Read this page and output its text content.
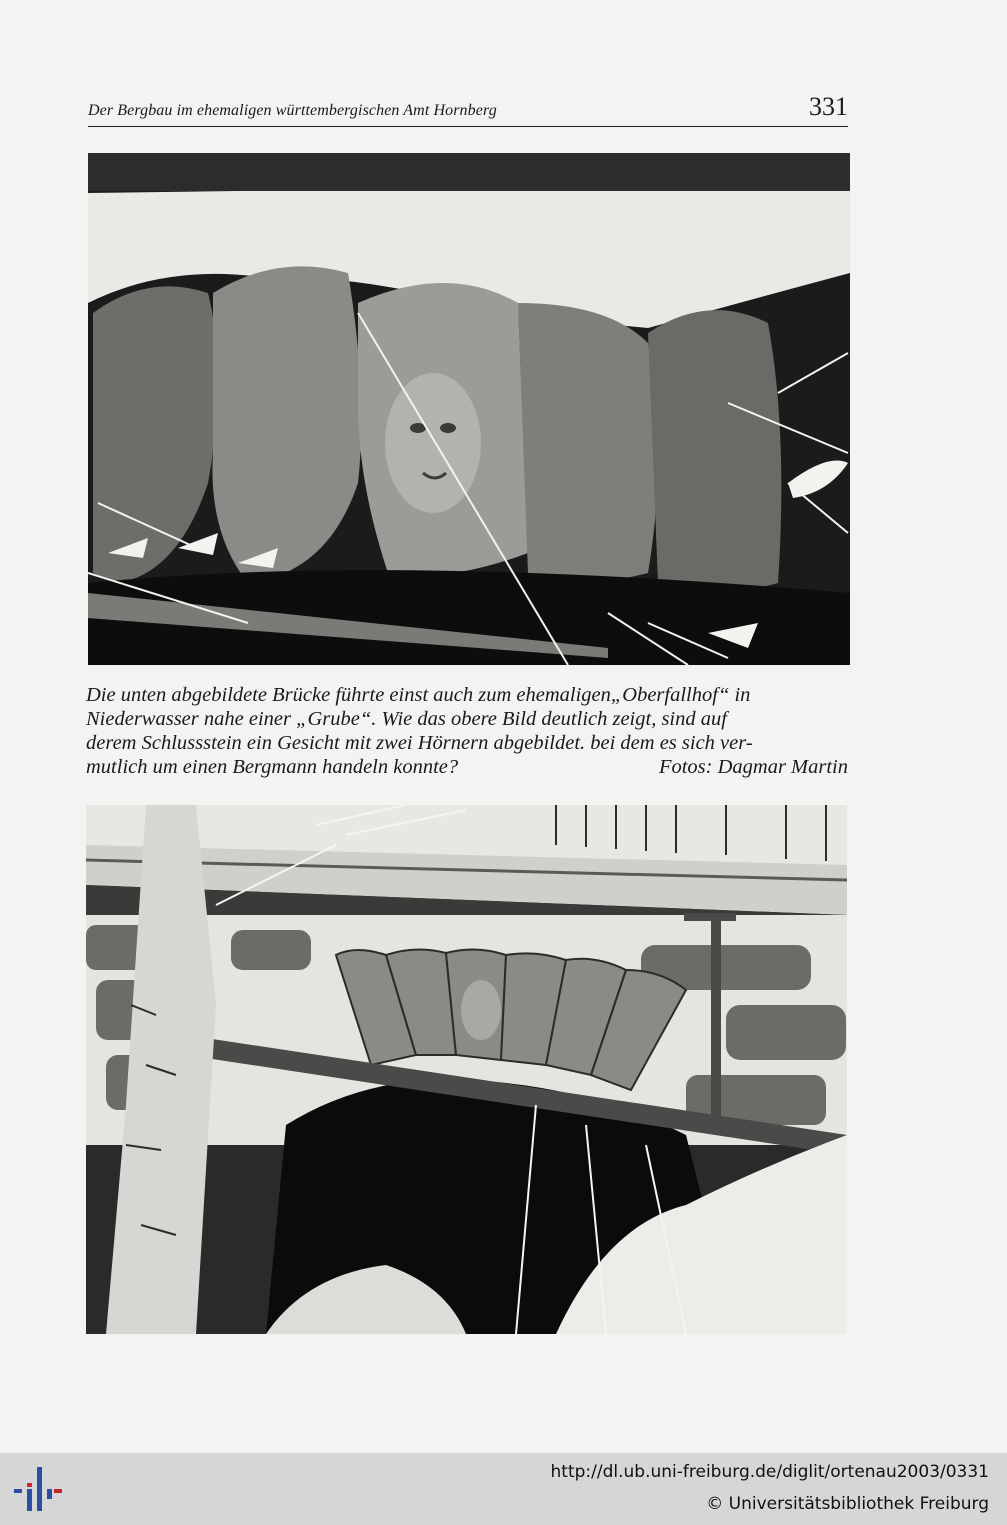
Der Bergbau im ehemaligen württembergischen Amt Hornberg	331
Die unten abgebildete Brücke führte einst auch zum ehemaligen„Oberfallhof“ in
Niederwasser nahe einer „Grube“. Wie das obere Bild deutlich zeigt, sind auf
derem Schlussstein ein Gesicht mit zwei Hörnern abgebildet. bei dem es sich ver-
mutlich um einen Bergmann handeln konnte?	Fotos: Dagmar Martin
http://dl.ub.uni-freiburg.de/diglit/ortenau2003/0331
© Universitätsbibliothek Freiburg
